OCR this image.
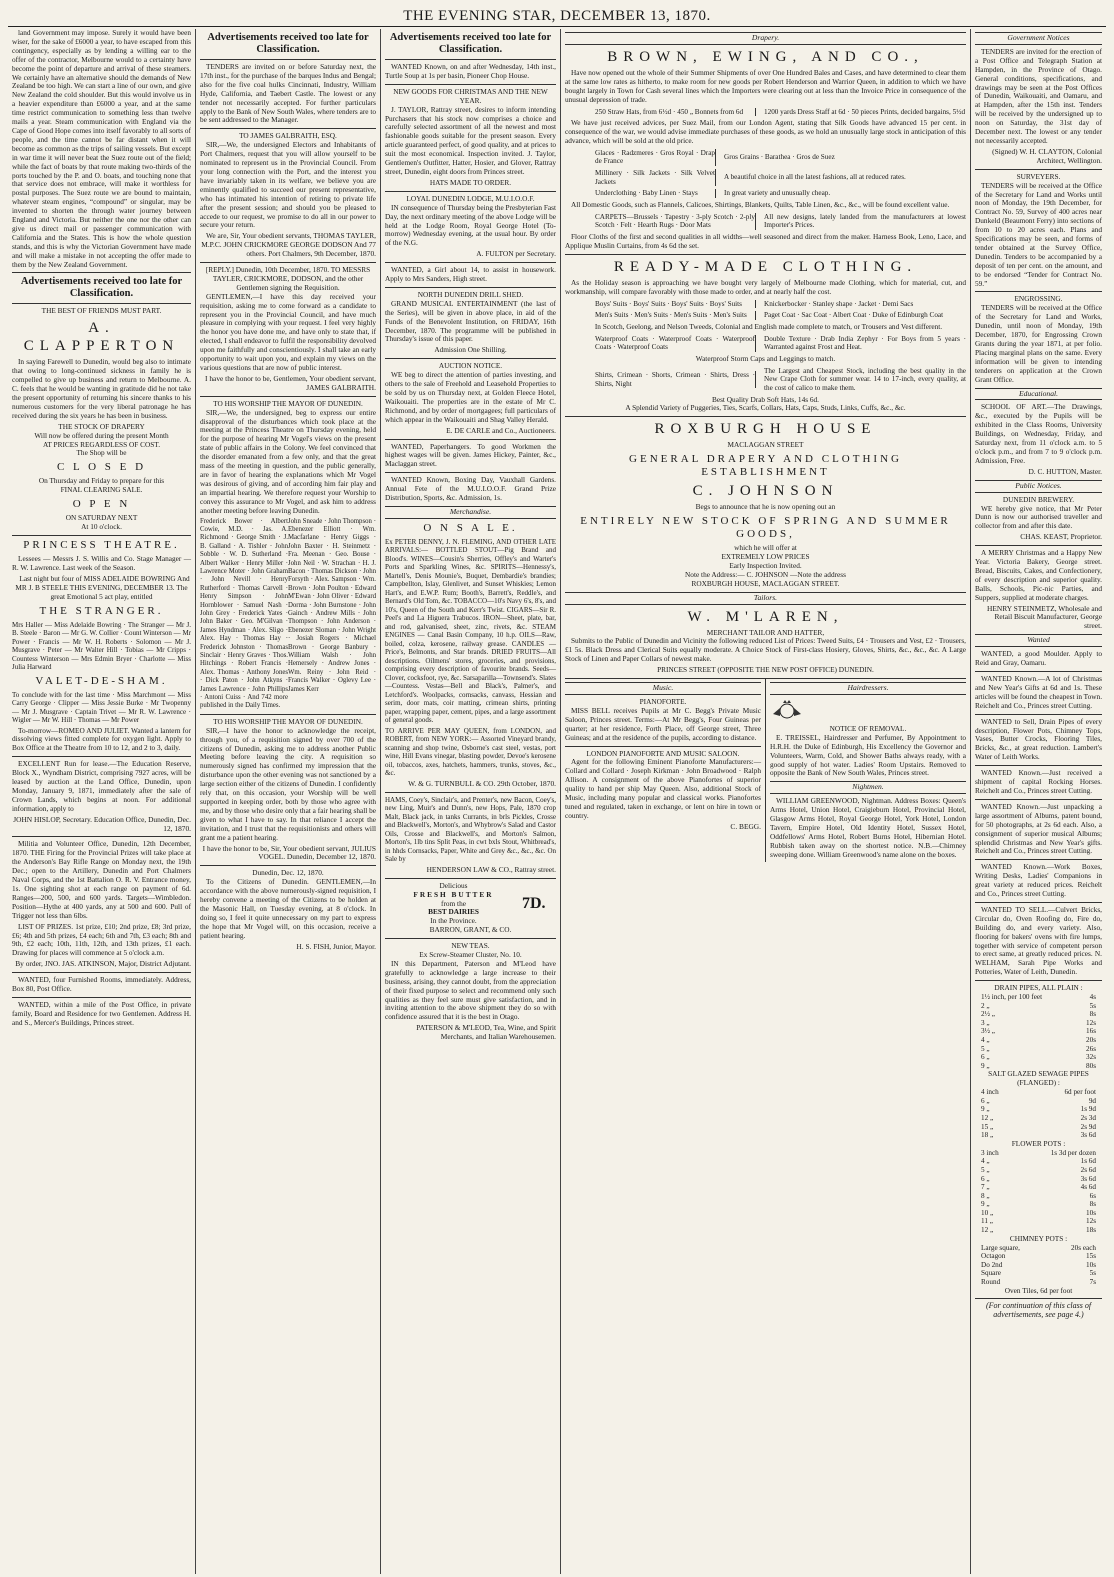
THE EVENING STAR, DECEMBER 13, 1870.

land Government may impose. Surely it would have been wiser, for the sake of £6000 a year, to have escaped from this contingency, especially as by lending a willing ear to the offer of the contractor, Melbourne would to a certainty have become the point of departure and arrival of these steamers. We certainly have an alternative should the demands of New Zealand be too high. We can start a line of our own, and give New Zealand the cold shoulder. But this would involve us in a heavier expenditure than £6000 a year, and at the same time restrict communication to something less than twelve mails a year. Steam communication with England via the Cape of Good Hope comes into itself favorably to all sorts of people, and the time cannot be far distant when it will become as common as the trips of sailing vessels. But except in war time it will never beat the Suez route out of the field; while the fact of boats by that route making two-thirds of the ports touched by the P. and O. boats, and touching none that that service does not embrace, will make it worthless for postal purposes. The Suez route we are bound to maintain, whatever steam engines, “compound” or singular, may be invented to shorten the through water journey between England and Victoria. But neither the one nor the other can give us direct mail or passenger communication with California and the States. This is how the whole question stands, and this is why the Victorian Government have made and will make a mistake in not accepting the offer made to them by the New Zealand Government.

Advertisements received too late for Classification.
THE BEST OF FRIENDS MUST PART.
A. CLAPPERTON

In saying Farewell to Dunedin, would beg also to intimate that owing to long-continued sickness in family he is compelled to give up business and return to Melbourne. A. C. feels that he would be wanting in gratitude did he not take the present opportunity of returning his sincere thanks to his numerous customers for the very liberal patronage he has received during the six years he has been in business.

THE STOCK OF DRAPERY
Will now be offered during the present Month
AT PRICES REGARDLESS OF COST.
The Shop will be
C L O S E D
On Thursday and Friday to prepare for this
FINAL CLEARING SALE.
O P E N
ON SATURDAY NEXT
At 10 o'clock.
PRINCESS THEATRE.

Lessees — Messrs J. S. Willis and Co. Stage Manager — R. W. Lawrence. Last week of the Season.

Last night but four of MISS ADELAIDE BOWRING And MR J. B STEELE THIS EVENING, DECEMBER 13. The great Emotional 5 act play, entitled

THE STRANGER.

Mrs Haller — Miss Adelaide Bowring · The Stranger — Mr J. B. Steele · Baron — Mr G. W. Collier · Count Winterson — Mr Power · Francis — Mr W. H. Roberts · Solomon — Mr J. Musgrave · Peter — Mr Walter Hill · Tobias — Mr Cripps · Countess Winterson — Mrs Edmin Bryer · Charlotte — Miss Julia Harward

VALET-DE-SHAM.

To conclude with for the last time · Miss Marchmont — Miss Carry George · Clipper — Miss Jessie Burke · Mr Twopenny — Mr J. Musgrave · Captain Trivet — Mr R. W. Lawrence · Wigler — Mr W. Hill · Thomas — Mr Power

To-morrow—ROMEO AND JULIET. Wanted a lantern for dissolving views fitted complete for oxygen light. Apply to Box Office at the Theatre from 10 to 12, and 2 to 3, daily.

EXCELLENT Run for lease.—The Education Reserve, Block X., Wyndham District, comprising 7927 acres, will be leased by auction at the Land Office, Dunedin, upon Monday, January 9, 1871, immediately after the sale of Crown Lands, which begins at noon. For additional information, apply to

JOHN HISLOP, Secretary. Education Office, Dunedin, Dec. 12, 1870.

Militia and Volunteer Office, Dunedin, 12th December, 1870. THE Firing for the Provincial Prizes will take place at the Anderson's Bay Rifle Range on Monday next, the 19th Dec.; open to the Artillery, Dunedin and Port Chalmers Naval Corps, and the 1st Battalion O. R. V. Entrance money, 1s. One sighting shot at each range on payment of 6d. Ranges—200, 500, and 600 yards. Targets—Wimbledon. Position—Hythe at 400 yards, any at 500 and 600. Pull of Trigger not less than 6lbs.

LIST OF PRIZES. 1st prize, £10; 2nd prize, £8; 3rd prize, £6; 4th and 5th prizes, £4 each; 6th and 7th, £3 each; 8th and 9th, £2 each; 10th, 11th, 12th, and 13th prizes, £1 each. Drawing for places will commence at 5 o'clock a.m.

By order, JNO. JAS. ATKINSON, Major, District Adjutant.

WANTED, four Furnished Rooms, immediately. Address, Box 80, Post Office.

WANTED, within a mile of the Post Office, in private family, Board and Residence for two Gentlemen. Address H. and S., Mercer's Buildings, Princes street.

Advertisements received too late for Classification.

TENDERS are invited on or before Saturday next, the 17th inst., for the purchase of the barques Indus and Bengal; also for the five coal hulks Cincinnati, Industry, William Hyde, California, and Taebert Castle. The lowest or any tender not necessarily accepted. For further particulars apply to the Bank of New South Wales, where tenders are to be sent addressed to the Manager.

TO JAMES GALBRAITH, ESQ.

SIR,—We, the undersigned Electors and Inhabitants of Port Chalmers, request that you will allow yourself to be nominated to represent us in the Provincial Council. From your long connection with the Port, and the interest you have invariably taken in its welfare, we believe you are eminently qualified to succeed our present representative, who has intimated his intention of retiring to private life after the present session; and should you be pleased to accede to our request, we promise to do all in our power to secure your return.

We are, Sir, Your obedient servants, THOMAS TAYLER, M.P.C. JOHN CRICKMORE GEORGE DODSON And 77 others. Port Chalmers, 9th December, 1870.
[REPLY.] Dunedin, 10th December, 1870. TO MESSRS TAYLER, CRICKMORE, DODSON, and the other Gentlemen signing the Requisition.

GENTLEMEN,—I have this day received your requisition, asking me to come forward as a candidate to represent you in the Provincial Council, and have much pleasure in complying with your request. I feel very highly the honor you have done me, and have only to state that, if elected, I shall endeavor to fulfil the responsibility devolved upon me faithfully and conscientiously. I shall take an early opportunity to wait upon you, and explain my views on the various questions that are now of public interest.

I have the honor to be, Gentlemen, Your obedient servant, JAMES GALBRAITH.
TO HIS WORSHIP THE MAYOR OF DUNEDIN.

SIR,—We, the undersigned, beg to express our entire disapproval of the disturbances which took place at the meeting at the Princess Theatre on Thursday evening, held for the purpose of hearing Mr Vogel's views on the present state of public affairs in the Colony. We feel convinced that the disorder emanated from a few only, and that the great mass of the meeting in question, and the public generally, are in favor of hearing the explanations which Mr Vogel was desirous of giving, and of according him fair play and an impartial hearing. We therefore request your Worship to convey this assurance to Mr Vogel, and ask him to address another meeting before leaving Dunedin.

Frederick Bower · Albert Cowie, M.D. · Jas. A. Richmond · George Smith · J. B. Galland · A. Tishler · John Sobble · W. D. Sutherland · Albert Walker · Henry Miller · Lawrence Moter · John Graham · John Nevill · Henry Rutherford · Thomas Carvell · Henry Simpson · John Hornblower · Samuel Nash · John Grey · Frederick Yates · John Baker · Geo. M'Gilvan · James Hyndman · Alex. Sligo · Alex. Hay · Thomas Hay · Frederick Johnston · Thomas Sinclair · Henry Graves · Thos. Hitchings · Robert Francis · Alex. Thomas · Anthony Jones · Dick Paton · John Atkyns · James Lawrence · John Phillips · Antoni Cuiss · And 742 more published in the Daily Times.
John Sneade · John Thompson · Ebenezer Elliott · Wm. Macfarlane · Henry Giggs · John Baxter · H. Steinmetz · Fra. Meenan · Geo. Bouse · John Neil · W. Strachan · H. J. Bacon · Thomas Dickson · John Forsyth · Alex. Sampson · Wm. Brown · John Poulton · Edward M'Ewan · John Oliver · Edward Dorma · John Burnstone · John Gainch · Andrew Mills · John Thompson · John Anderson · Ebenezer Sloman · John Wright · Josiah Rogers · Michael Brown · George Banbury · William Walsh · John Hemersely · Andrew Jones · Wm. Reiny · John Reid · Francis Walker · Oglevy Lee · James Kerr
TO HIS WORSHIP THE MAYOR OF DUNEDIN.

SIR,—I have the honor to acknowledge the receipt, through you, of a requisition signed by over 700 of the citizens of Dunedin, asking me to address another Public Meeting before leaving the city. A requisition so numerously signed has confirmed my impression that the disturbance upon the other evening was not sanctioned by a large section either of the citizens of Dunedin. I confidently rely that, on this occasion, your Worship will be well supported in keeping order, both by those who agree with me, and by those who desire only that a fair hearing shall be given to what I have to say. In that reliance I accept the invitation, and I trust that the requisitionists and others will grant me a patient hearing.

I have the honor to be, Sir, Your obedient servant, JULIUS VOGEL. Dunedin, December 12, 1870.
Dunedin, Dec. 12, 1870.

To the Citizens of Dunedin. GENTLEMEN,—In accordance with the above numerously-signed requisition, I hereby convene a meeting of the Citizens to be holden at the Masonic Hall, on Tuesday evening, at 8 o'clock. In doing so, I feel it quite unnecessary on my part to express the hope that Mr Vogel will, on this occasion, receive a patient hearing.

H. S. FISH, Junior, Mayor.
Advertisements received too late for Classification.

WANTED Known, on and after Wednesday, 14th inst., Turtle Soup at 1s per basin, Pioneer Chop House.

NEW GOODS FOR CHRISTMAS AND THE NEW YEAR.

J. TAYLOR, Rattray street, desires to inform intending Purchasers that his stock now comprises a choice and carefully selected assortment of all the newest and most fashionable goods suitable for the present season. Every article guaranteed perfect, of good quality, and at prices to suit the most economical. Inspection invited. J. Taylor, Gentlemen's Outfitter, Hatter, Hosier, and Glover, Rattray street, Dunedin, eight doors from Princes street.

HATS MADE TO ORDER.
LOYAL DUNEDIN LODGE, M.U.I.O.O.F.

IN consequence of Thursday being the Presbyterian Fast Day, the next ordinary meeting of the above Lodge will be held at the Lodge Room, Royal George Hotel (To-morrow) Wednesday evening, at the usual hour. By order of the N.G.

A. FULTON per Secretary.

WANTED, a Girl about 14, to assist in housework. Apply to Mrs Sanders, High street.

NORTH DUNEDIN DRILL SHED.

GRAND MUSICAL ENTERTAINMENT (the last of the Series), will be given in above place, in aid of the Funds of the Benevolent Institution, on FRIDAY, 16th December, 1870. The programme will be published in Thursday's issue of this paper.

Admission One Shilling.
AUCTION NOTICE.

WE beg to direct the attention of parties investing, and others to the sale of Freehold and Leasehold Properties to be sold by us on Thursday next, at Golden Fleece Hotel, Waikouaiti. The properties are in the estate of Mr C. Richmond, and by order of mortgagees; full particulars of which appear in the Waikouaiti and Shag Valley Herald.

E. DE CARLE and Co., Auctioneers.

WANTED, Paperhangers. To good Workmen the highest wages will be given. James Hickey, Painter, &c., Maclaggan street.

WANTED Known, Boxing Day, Vauxhall Gardens. Annual Fete of the M.U.I.O.O.F. Grand Prize Distribution, Sports, &c. Admission, 1s.

Merchandise.
O N S A L E.

Ex PETER DENNY, J. N. FLEMING, AND OTHER LATE ARRIVALS:— BOTTLED STOUT—Pig Brand and Blood's. WINES—Cousin's Sherries, Offley's and Warter's Ports and Sparkling Wines, &c. SPIRITS—Hennessy's, Martell's, Denis Mounie's, Buquet, Dembardie's brandies; Campbellton, Islay, Glenlivet, and Sunset Whiskies; Lemon Hart's, and E.W.P. Rum; Booth's, Barrett's, Reddle's, and Bernard's Old Tom, &c. TOBACCO—10's Navy 6's, 8's, and 10's, Queen of the South and Kerr's Twist. CIGARS—Sir R. Peel's and La Higuera Trabucos. IRON—Sheet, plate, bar, and rod, galvanised, sheet, zinc, rivets, &c. STEAM ENGINES — Canal Basin Company, 10 h.p. OILS—Raw, boiled, colza, kerosene, railway grease. CANDLES — Price's, Belmonts, and Star brands. DRIED FRUITS—All descriptions. Oilmens' stores, groceries, and provisions, comprising every description of favourite brands. Seeds—Clover, cocksfoot, rye, &c. Sarsaparilla—Townsend's. Slates—Countess. Vestas—Bell and Black's, Palmer's, and Letchford's. Woolpacks, cornsacks, canvass, Hessian and serim, door mats, coir matting, crimean shirts, printing paper, wrapping paper, cement, pipes, and a large assortment of general goods.

TO ARRIVE PER MAY QUEEN, from LONDON, and ROBERT, from NEW YORK:— Assorted Vineyard brandy, scanning and shop twine, Osborne's cast steel, vestas, port wine, Hill Evans vinegar, blasting powder, Devoe's kerosene oil, tobaccos, axes, hatchets, hammers, trunks, stoves, &c., &c.

W. & G. TURNBULL & CO. 29th October, 1870.

HAMS, Coey's, Sinclair's, and Prenter's, new Bacon, Coey's, new Ling, Muir's and Dunn's, new Hops, Pale, 1870 crop Malt, Black jack, in tanks Currants, in brls Pickles, Crosse and Blackwell's, Morton's, and Whybrow's Salad and Castor Oils, Crosse and Blackwell's, and Morton's Salmon, Morton's, 1lb tins Split Peas, in cwt bxls Stout, Whitbread's, in hhds Cornsacks, Paper, White and Grey &c., &c., &c. On Sale by

HENDERSON LAW & CO., Rattray street.
Delicious
FRESH BUTTER
from the
BEST DAIRIES
In the Province.
7D.
BARRON, GRANT, & CO.
NEW TEAS.
Ex Screw-Steamer Cluster, No. 10.

IN this Department, Paterson and M'Leod have gratefully to acknowledge a large increase to their business, arising, they cannot doubt, from the appreciation of their fixed purpose to select and recommend only such qualities as they feel sure must give satisfaction, and in inviting attention to the above shipment they do so with confidence assured that it is the best in Otago.

PATERSON & M'LEOD, Tea, Wine, and Spirit Merchants, and Italian Warehousemen.
Drapery.
BROWN, EWING, AND CO.,

Have now opened out the whole of their Summer Shipments of over One Hundred Bales and Cases, and have determined to clear them at the same low rates as hitherto, to make room for new goods per Robert Henderson and Warrior Queen, in addition to which we have bought largely in Town for Cash several lines which the Importers were clearing out at less than the Invoice Price in consequence of the unusual depression of trade.

250 Straw Hats, from 6½d · 450 „ Bonnets from 6d	1200 yards Dress Staff at 6d · 50 pieces Prints, decided bargains, 5½d

We have just received advices, per Suez Mail, from our London Agent, stating that Silk Goods have advanced 15 per cent. in consequence of the war, we would advise immediate purchases of these goods, as we hold an unusually large stock in anticipation of this advance, which will be sold at the old price.

Glaces · Radzmeres · Gros Royal · Drap de France
Gros Grains · Barathea · Gros de Suez
Millinery · Silk Jackets · Silk Velvet Jackets
A beautiful choice in all the latest fashions, all at reduced rates.
Underclothing · Baby Linen · Stays	In great variety and unusually cheap.

All Domestic Goods, such as Flannels, Calicoes, Shirtings, Blankets, Quilts, Table Linen, &c., &c., will be found excellent value.

CARPETS—Brussels · Tapestry · 3-ply Scotch · 2-ply Scotch · Felt · Hearth Rugs · Door Mats
All new designs, lately landed from the manufacturers at lowest Importer's Prices.

Floor Cloths of the first and second qualities in all widths—well seasoned and direct from the maker. Harness Book, Leno, Lace, and Applique Muslin Curtains, from 4s 6d the set.

READY-MADE CLOTHING.

As the Holiday season is approaching we have bought very largely of Melbourne made Clothing, which for material, cut, and workmanship, will compare favorably with those made to order, and at nearly half the cost.

Boys' Suits · Boys' Suits · Boys' Suits · Boys' Suits	Knickerbocker · Stanley shape · Jacket · Demi Sacs
Men's Suits · Men's Suits · Men's Suits · Men's Suits	Paget Coat · Sac Coat · Albert Coat · Duke of Edinburgh Coat

In Scotch, Geelong, and Nelson Tweeds, Colonial and English made complete to match, or Trousers and Vest different.

Waterproof Coats · Waterproof Coats · Waterproof Coats · Waterproof Coats
Double Texture · Drab India Zephyr · For Boys from 5 years · Warranted against Frost and Heat.
Waterproof Storm Caps and Leggings to match.
Shirts, Crimean · Shorts, Crimean · Shirts, Dress · Shirts, Night
The Largest and Cheapest Stock, including the best quality in the New Crape Cloth for summer wear. 14 to 17-inch, every quality, at the cost of calico to make them.
Best Quality Drab Soft Hats, 14s 6d.
A Splendid Variety of Puggeries, Ties, Scarfs, Collars, Hats, Caps, Studs, Links, Cuffs, &c., &c.
ROXBURGH HOUSE
MACLAGGAN STREET
GENERAL DRAPERY AND CLOTHING ESTABLISHMENT
C. JOHNSON
Begs to announce that he is now opening out an
ENTIRELY NEW STOCK OF SPRING AND SUMMER GOODS,
which he will offer at
EXTREMELY LOW PRICES
Early Inspection Invited.
Note the Address:— C. JOHNSON —Note the address
ROXBURGH HOUSE, MACLAGGAN STREET.
Tailors.
W. M'LAREN,
MERCHANT TAILOR AND HATTER,

Submits to the Public of Dunedin and Vicinity the following reduced List of Prices: Tweed Suits, £4 · Trousers and Vest, £2 · Trousers, £1 5s. Black Dress and Clerical Suits equally moderate. A Choice Stock of First-class Hosiery, Gloves, Shirts, &c., &c., &c. A Large Stock of Linen and Paper Collars of newest make.

PRINCES STREET (OPPOSITE THE NEW POST OFFICE) DUNEDIN.
Music.
PIANOFORTE.

MISS BELL receives Pupils at Mr C. Begg's Private Music Saloon, Princes street. Terms:—At Mr Begg's, Four Guineas per quarter; at her residence, Forth Place, off George street, Three Guineas; and at the residence of the pupils, according to distance.

LONDON PIANOFORTE AND MUSIC SALOON.

Agent for the following Eminent Pianoforte Manufacturers:— Collard and Collard · Joseph Kirkman · John Broadwood · Ralph Allison. A consignment of the above Pianofortes of superior quality to hand per ship May Queen. Also, additional Stock of Music, including many popular and classical works. Pianofortes tuned and regulated, taken in exchange, or lent on hire in town or country.

C. BEGG.
Hairdressers.
NOTICE OF REMOVAL.

E. TREISSEL, Hairdresser and Perfumer, By Appointment to H.R.H. the Duke of Edinburgh, His Excellency the Governor and Volunteers, Warm, Cold, and Shower Baths always ready, with a good supply of hot water. Ladies' Room Upstairs. Removed to opposite the Bank of New South Wales, Princes street.

Nightmen.

WILLIAM GREENWOOD, Nightman. Address Boxes: Queen's Arms Hotel, Union Hotel, Craigieburn Hotel, Provincial Hotel, Glasgow Arms Hotel, Royal George Hotel, York Hotel, London Tavern, Empire Hotel, Old Identity Hotel, Sussex Hotel, Oddfellows' Arms Hotel, Robert Burns Hotel, Hibernian Hotel. Rubbish taken away on the shortest notice. N.B.—Chimney sweeping done. William Greenwood's name alone on the boxes.

Government Notices

TENDERS are invited for the erection of a Post Office and Telegraph Station at Hampden, in the Province of Otago. General conditions, specifications, and drawings may be seen at the Post Offices of Dunedin, Waikouaiti, and Oamaru, and at Hampden, after the 15th inst. Tenders will be received by the undersigned up to noon on Saturday, the 31st day of December next. The lowest or any tender not necessarily accepted.

(Signed) W. H. CLAYTON, Colonial Architect, Wellington.
SURVEYERS.

TENDERS will be received at the Office of the Secretary for Land and Works until noon of Monday, the 19th December, for Contract No. 59, Survey of 400 acres near Dunkeld (Beaumont Ferry) into sections of from 10 to 20 acres each. Plans and Specifications may be seen, and forms of tender obtained at the Survey Office, Dunedin. Tenders to be accompanied by a deposit of ten per cent. on the amount, and to be endorsed “Tender for Contract No. 59.”

ENGROSSING.

TENDERS will be received at the Office of the Secretary for Land and Works, Dunedin, until noon of Monday, 19th December, 1870, for Engrossing Crown Grants during the year 1871, at per folio. Placing marginal plans on the same. Every information will be given to intending tenderers on application at the Crown Grant Office.

Educational.

SCHOOL OF ART.—The Drawings, &c., executed by the Pupils will be exhibited in the Class Rooms, University Buildings, on Wednesday, Friday, and Saturday next, from 11 o'clock a.m. to 5 o'clock p.m., and from 7 to 9 o'clock p.m. Admission, Free.

D. C. HUTTON, Master.
Public Notices.
DUNEDIN BREWERY.

WE hereby give notice, that Mr Peter Dunn is now our authorised traveller and collector from and after this date.

CHAS. KEAST, Proprietor.

A MERRY Christmas and a Happy New Year. Victoria Bakery, George street. Bread, Biscuits, Cakes, and Confectionery, of every description and superior quality. Balls, Schools, Pic-nic Parties, and Suppers, supplied at moderate charges.

HENRY STEINMETZ, Wholesale and Retail Biscuit Manufacturer, George street.
Wanted

WANTED, a good Moulder. Apply to Reid and Gray, Oamaru.

WANTED Known.—A lot of Christmas and New Year's Gifts at 6d and 1s. These articles will be found the cheapest in Town. Reichelt and Co., Princes street Cutting.

WANTED to Sell, Drain Pipes of every description, Flower Pots, Chimney Tops, Vases, Butter Crocks, Flooring Tiles, Bricks, &c., at great reduction. Lambert's Water of Leith Works.

WANTED Known.—Just received a shipment of capital Rocking Horses. Reichelt and Co., Princes street Cutting.

WANTED Known.—Just unpacking a large assortment of Albums, patent bound, for 50 photographs, at 2s 6d each. Also, a consignment of superior musical Albums; splendid Christmas and New Year's gifts. Reichelt and Co., Princes street Cutting.

WANTED Known.—Work Boxes, Writing Desks, Ladies' Companions in great variety at reduced prices. Reichelt and Co., Princes street Cutting.

WANTED TO SELL.—Culvert Bricks, Circular do, Oven Roofing do, Fire do, Building do, and every variety. Also, flooring for bakers' ovens with fire lumps, together with service of competent person to erect same, at greatly reduced prices. N. WELHAM, Sarah Pipe Works and Potteries, Water of Leith, Dunedin.

DRAIN PIPES, ALL PLAIN :
1½ inch, per 100 feet	4s
2 „	5s
2½ „	8s
3 „	12s
3½ „	16s
4 „	20s
5 „	26s
6 „	32s
9 „	80s
SALT GLAZED SEWAGE PIPES (FLANGED) :
4 inch	6d per foot
6 „	9d
9 „	1s 9d
12 „	2s 3d
15 „	2s 9d
18 „	3s 6d
FLOWER POTS :
3 inch	1s 3d per dozen
4 „	1s 6d
5 „	2s 6d
6 „	3s 6d
7 „	4s 6d
8 „	6s
9 „	8s
10 „	10s
11 „	12s
12 „	18s
CHIMNEY POTS :
Large square,	20s each
Octagon	15s
Do 2nd	10s
Square	5s
Round	7s
Oven Tiles, 6d per foot
(For continuation of this class of advertisements, see page 4.)
